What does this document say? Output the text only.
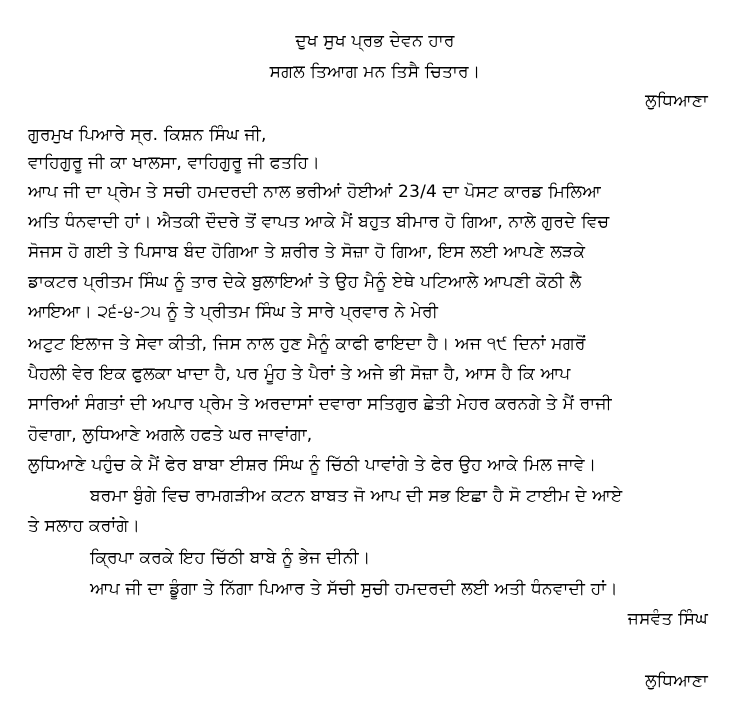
ਦੁਖ ਸੁਖ ਪ੍ਰਭ ਦੇਵਨ ਹਾਰ
ਸਗਲ ਤਿਆਗ ਮਨ ਤਿਸੈ ਚਿਤਾਰ।
ਲੁਧਿਆਣਾ
ਗੁਰਮੁਖ ਪਿਆਰੇ ਸ੍ਰ. ਕਿਸ਼ਨ ਸਿੰਘ ਜੀ,
ਵਾਹਿਗੁਰੂ ਜੀ ਕਾ ਖਾਲਸਾ, ਵਾਹਿਗੁਰੂ ਜੀ ਫਤਹਿ।
ਆਪ ਜੀ ਦਾ ਪ੍ਰੇਮ ਤੇ ਸਚੀ ਹਮਦਰਦੀ ਨਾਲ ਭਰੀਆਂ ਹੋਈਆਂ 23/4 ਦਾ ਪੋਸਟ ਕਾਰਡ ਮਿਲਿਆ
ਅਤਿ ਧੰਨਵਾਦੀ ਹਾਂ। ਐਤਕੀ ਦੌਦਰੇ ਤੋਂ ਵਾਪਤ ਆਕੇ ਮੈਂ ਬਹੁਤ ਬੀਮਾਰ ਹੋ ਗਿਆ, ਨਾਲੇ ਗੁਰਦੇ ਵਿਚ
ਸੋਜਸ ਹੋ ਗਈ ਤੇ ਪਿਸਾਬ ਬੰਦ ਹੋਗਿਆ ਤੇ ਸ਼ਰੀਰ ਤੇ ਸੋਜ਼ਾ ਹੋ ਗਿਆ, ਇਸ ਲਈ ਆਪਣੇ ਲੜਕੇ
ਡਾਕਟਰ ਪ੍ਰੀਤਮ ਸਿੰਘ ਨੂੰ ਤਾਰ ਦੇਕੇ ਬੁਲਾਇਆਂ ਤੇ ਉਹ ਮੈਨੂੰ ਏਥੇ ਪਟਿਆਲੇ ਆਪਣੀ ਕੋਠੀ ਲੈ
ਆਇਆ। ੨੬-੪-੭੫ ਨੂੰ ਤੇ ਪ੍ਰੀਤਮ ਸਿੰਘ ਤੇ ਸਾਰੇ ਪ੍ਰਵਾਰ ਨੇ ਮੇਰੀ
ਅਟੁਟ ਇਲਾਜ ਤੇ ਸੇਵਾ ਕੀਤੀ, ਜਿਸ ਨਾਲ ਹੁਣ ਮੈਨੂੰ ਕਾਫੀ ਫਾਇਦਾ ਹੈ। ਅਜ ੧੯ ਦਿਨਾਂ ਮਗਰੋਂ
ਪੈਹਲੀ ਵੇਰ ਇਕ ਫੁਲਕਾ ਖਾਦਾ ਹੈ, ਪਰ ਮੂੰਹ ਤੇ ਪੈਰਾਂ ਤੇ ਅਜੇ ਭੀ ਸੋਜ਼ਾ ਹੈ, ਆਸ ਹੈ ਕਿ ਆਪ
ਸਾਰਿਆਂ ਸੰਗਤਾਂ ਦੀ ਅਪਾਰ ਪ੍ਰੇਮ ਤੇ ਅਰਦਾਸਾਂ ਦਵਾਰਾ ਸਤਿਗੁਰ ਛੇਤੀ ਮੇਹਰ ਕਰਨਗੇ ਤੇ ਮੈਂ ਰਾਜੀ
ਹੋਵਾਗਾ, ਲੁਧਿਆਣੇ ਅਗਲੇ ਹਫਤੇ ਘਰ ਜਾਵਾਂਗਾ,
ਲੁਧਿਆਣੇ ਪਹੁੰਚ ਕੇ ਮੈਂ ਫੇਰ ਬਾਬਾ ਈਸ਼ਰ ਸਿੰਘ ਨੂੰ ਚਿੱਠੀ ਪਾਵਾਂਗੇ ਤੇ ਫੇਰ ਉਹ ਆਕੇ ਮਿਲ ਜਾਵੇ।
ਬਰਮਾ ਬੁੰਗੇ ਵਿਚ ਰਾਮਗੜੀਅ ਕਟਨ ਬਾਬਤ ਜੋ ਆਪ ਦੀ ਸਭ ਇਛਾ ਹੈ ਸੋ ਟਾਈਮ ਦੇ ਆਏ
ਤੇ ਸਲਾਹ ਕਰਾਂਗੇ।
ਕ੍ਰਿਪਾ ਕਰਕੇ ਇਹ ਚਿੱਠੀ ਬਾਬੇ ਨੂੰ ਭੇਜ ਦੀਨੀ।
ਆਪ ਜੀ ਦਾ ਡੂੰਗਾ ਤੇ ਨਿੱਗਾ ਪਿਆਰ ਤੇ ਸੱਚੀ ਸੁਚੀ ਹਮਦਰਦੀ ਲਈ ਅਤੀ ਧੰਨਵਾਦੀ ਹਾਂ।
ਜਸਵੰਤ ਸਿੰਘ
ਲੁਧਿਆਣਾ
